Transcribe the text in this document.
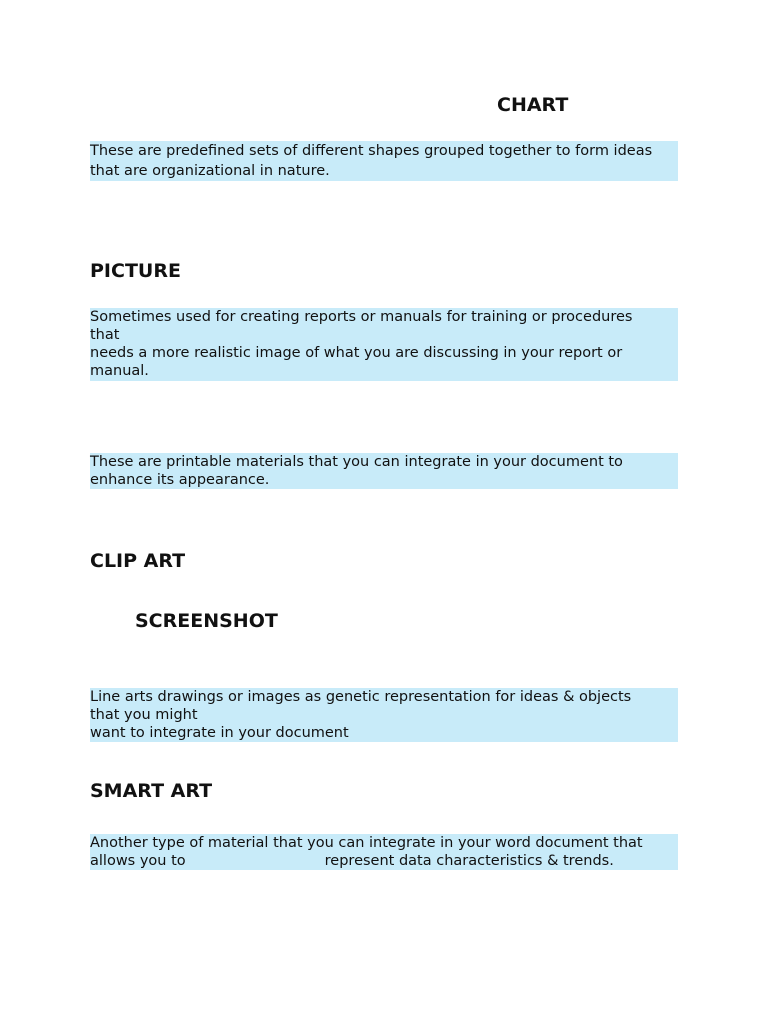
CHART
These are predefined sets of different shapes grouped together to form ideas
that are organizational in nature.
PICTURE
Sometimes used for creating reports or manuals for training or procedures
that
needs a more realistic image of what you are discussing in your report or
manual.
These are printable materials that you can integrate in your document to
enhance its appearance.
CLIP ART
SCREENSHOT
Line arts drawings or images as genetic representation for ideas & objects
that you might
want to integrate in your document
SMART ART
Another type of material that you can integrate in your word document that
allows you to	represent data characteristics & trends.
